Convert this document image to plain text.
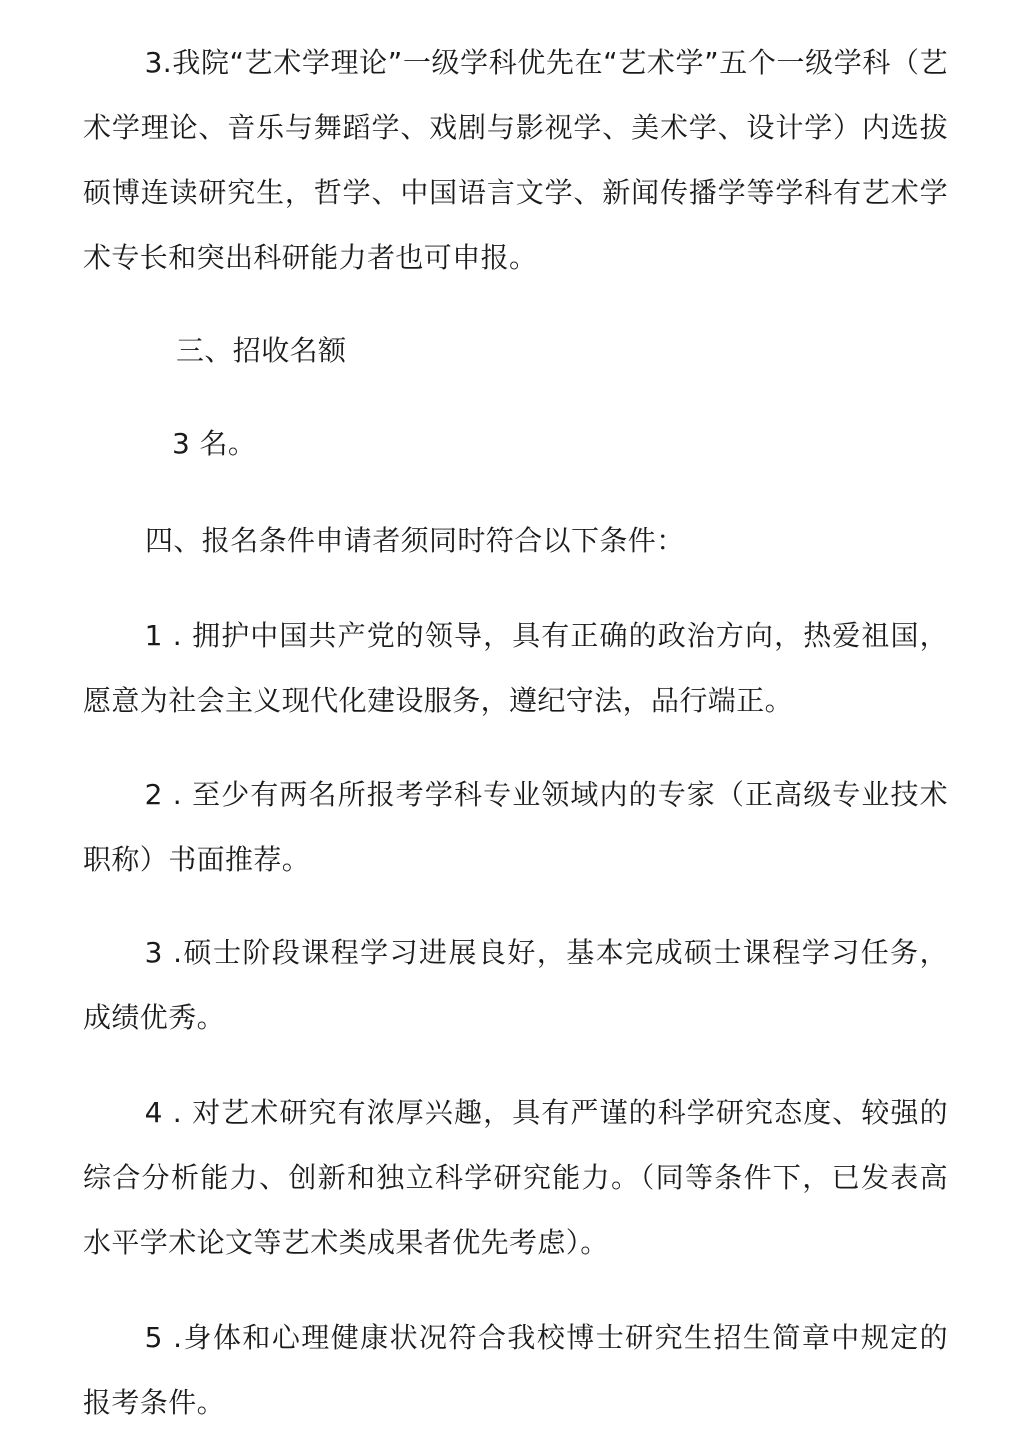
3.我院“艺术学理论”一级学科优先在“艺术学”五个一级学科（艺术学理论、音乐与舞蹈学、戏剧与影视学、美术学、设计学）内选拔硕博连读研究生，哲学、中国语言文学、新闻传播学等学科有艺术学术专长和突出科研能力者也可申报。

三、招收名额

3 名。

四、报名条件申请者须同时符合以下条件：

1 . 拥护中国共产党的领导，具有正确的政治方向，热爱祖国，愿意为社会主义现代化建设服务，遵纪守法，品行端正。

2 . 至少有两名所报考学科专业领域内的专家（正高级专业技术职称）书面推荐。

3 .硕士阶段课程学习进展良好，基本完成硕士课程学习任务，成绩优秀。

4 . 对艺术研究有浓厚兴趣，具有严谨的科学研究态度、较强的综合分析能力、创新和独立科学研究能力。（同等条件下，已发表高水平学术论文等艺术类成果者优先考虑）。

5 .身体和心理健康状况符合我校博士研究生招生简章中规定的报考条件。
